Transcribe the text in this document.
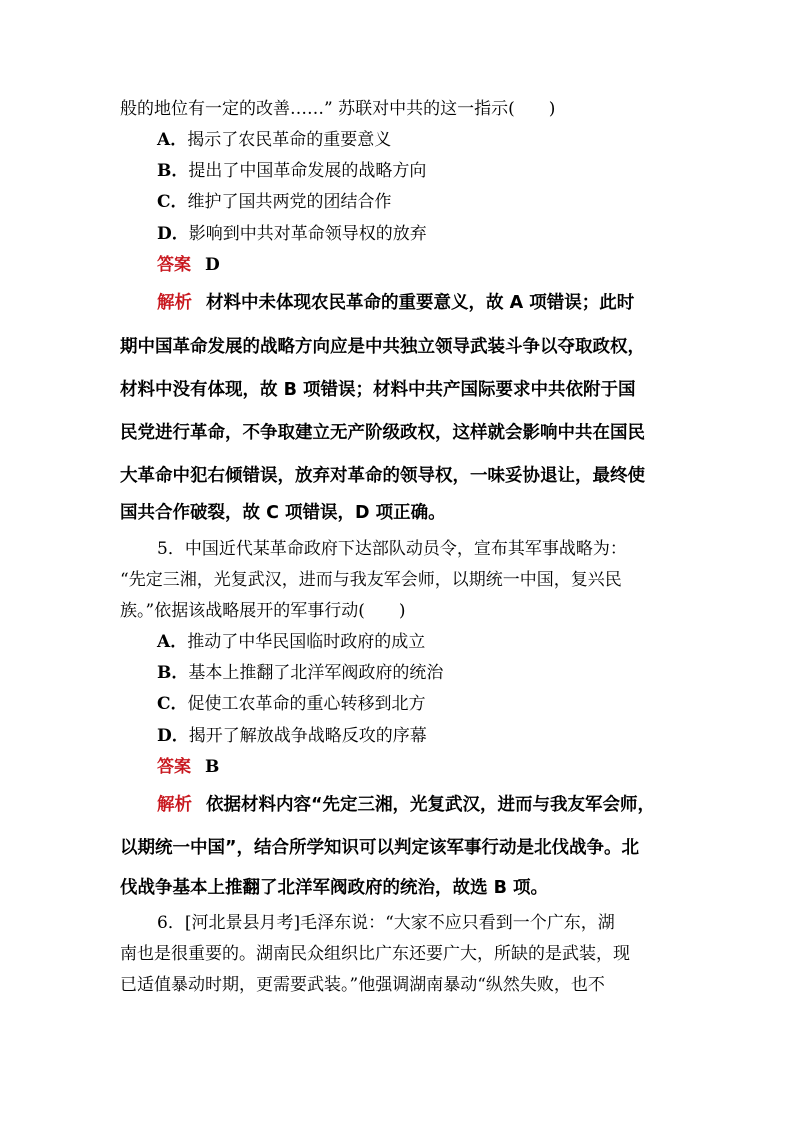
般的地位有一定的改善……” 苏联对中共的这一指示(　　)
A．揭示了农民革命的重要意义
B．提出了中国革命发展的战略方向
C．维护了国共两党的团结合作
D．影响到中共对革命领导权的放弃
答案 D
解析 材料中未体现农民革命的重要意义，故 A 项错误；此时
期中国革命发展的战略方向应是中共独立领导武装斗争以夺取政权，
材料中没有体现，故 B 项错误；材料中共产国际要求中共依附于国
民党进行革命，不争取建立无产阶级政权，这样就会影响中共在国民
大革命中犯右倾错误，放弃对革命的领导权，一味妥协退让，最终使
国共合作破裂，故 C 项错误，D 项正确。
5．中国近代某革命政府下达部队动员令，宣布其军事战略为：
“先定三湘，光复武汉，进而与我友军会师，以期统一中国，复兴民
族。”依据该战略展开的军事行动(　　)
A．推动了中华民国临时政府的成立
B．基本上推翻了北洋军阀政府的统治
C．促使工农革命的重心转移到北方
D．揭开了解放战争战略反攻的序幕
答案 B
解析 依据材料内容“先定三湘，光复武汉，进而与我友军会师，
以期统一中国”，结合所学知识可以判定该军事行动是北伐战争。北
伐战争基本上推翻了北洋军阀政府的统治，故选 B 项。
6．[河北景县月考]毛泽东说：“大家不应只看到一个广东，湖
南也是很重要的。湖南民众组织比广东还要广大，所缺的是武装，现
已适值暴动时期，更需要武装。”他强调湖南暴动“纵然失败，也不
